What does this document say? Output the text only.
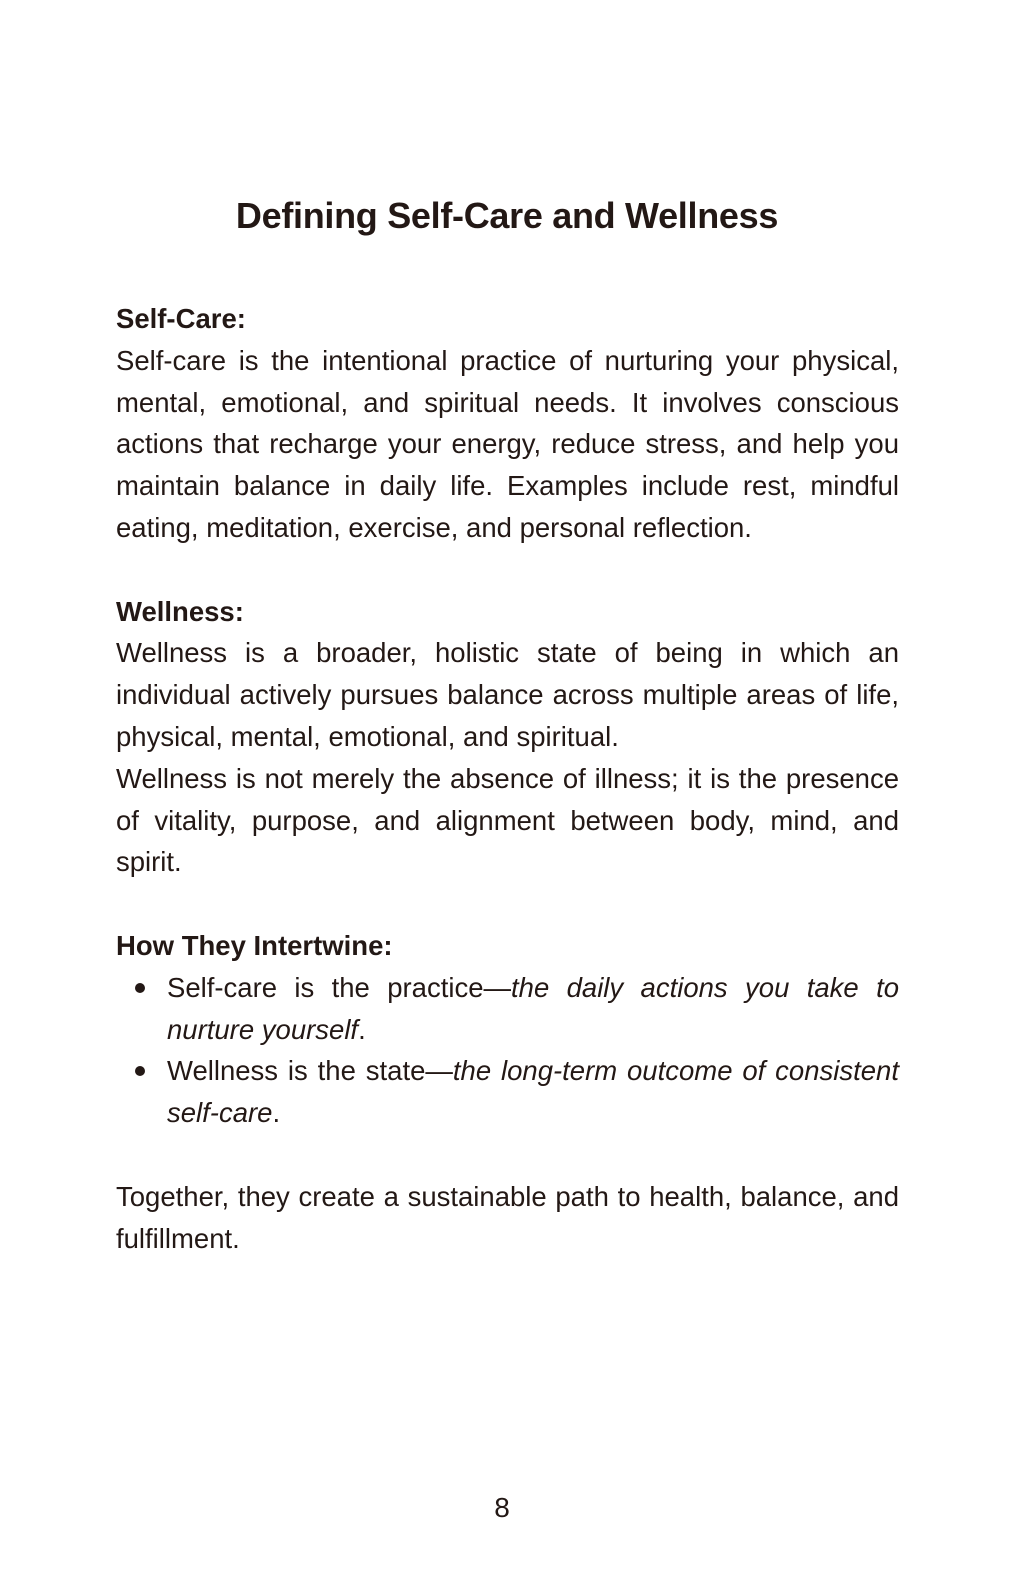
Defining Self-Care and Wellness
Self-Care:

Self-care is the intentional practice of nurturing your physical, mental, emotional, and spiritual needs. It involves conscious actions that recharge your energy, reduce stress, and help you maintain balance in daily life. Examples include rest, mindful eating, meditation, exercise, and personal reflection.

Wellness:

Wellness is a broader, holistic state of being in which an individual actively pursues balance across multiple areas of life, physical, mental, emotional, and spiritual.

Wellness is not merely the absence of illness; it is the presence of vitality, purpose, and alignment between body, mind, and spirit.

How They Intertwine:
Self-care is the practice—the daily actions you take to nurture yourself.
Wellness is the state—the long-term outcome of consistent self-care.

Together, they create a sustainable path to health, balance, and fulfillment.

8
